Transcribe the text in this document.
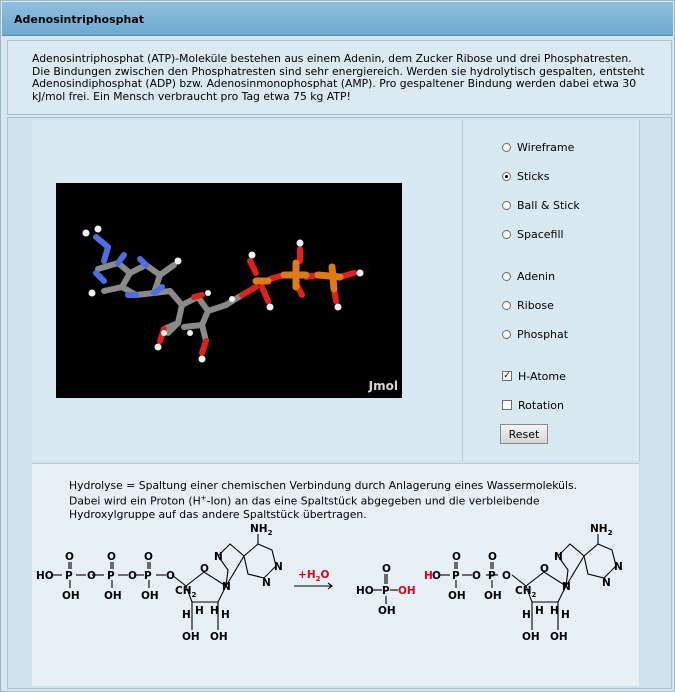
Adenosintriphosphat

Adenosintriphosphat (ATP)-Moleküle bestehen aus einem Adenin, dem Zucker Ribose und drei Phosphatresten. Die Bindungen zwischen den Phosphatresten sind sehr energiereich. Werden sie hydrolytisch gespalten, entsteht Adenosindiphosphat (ADP) bzw. Adenosinmonophosphat (AMP). Pro gespaltener Bindung werden dabei etwa 30 kJ/mol frei. Ein Mensch verbraucht pro Tag etwa 75 kg ATP!

Jmol
Wireframe
Sticks
Ball & Stick
Spacefill
Adenin
Ribose
Phosphat
✓ H-Atome
Rotation
Reset

Hydrolyse = Spaltung einer chemischen Verbindung durch Anlagerung eines Wassermoleküls.

Dabei wird ein Proton (H+-Ion) an das eine Spaltstück abgegeben und die verbleibende

Hydroxylgruppe auf das andere Spaltstück übertragen.

HO P
O
OH
O P
O
OH
O P
O
OH
O
$CH_2$
O
H	H
H H
OH OH
N
N
N
N
$NH_2$
$+H_2O$
HO P
O
OH
OH
H O P
O
OH
O P
O
OH
O
$CH_2$
O
H	H
H H
OH OH
N
N
N
N
$NH_2$
